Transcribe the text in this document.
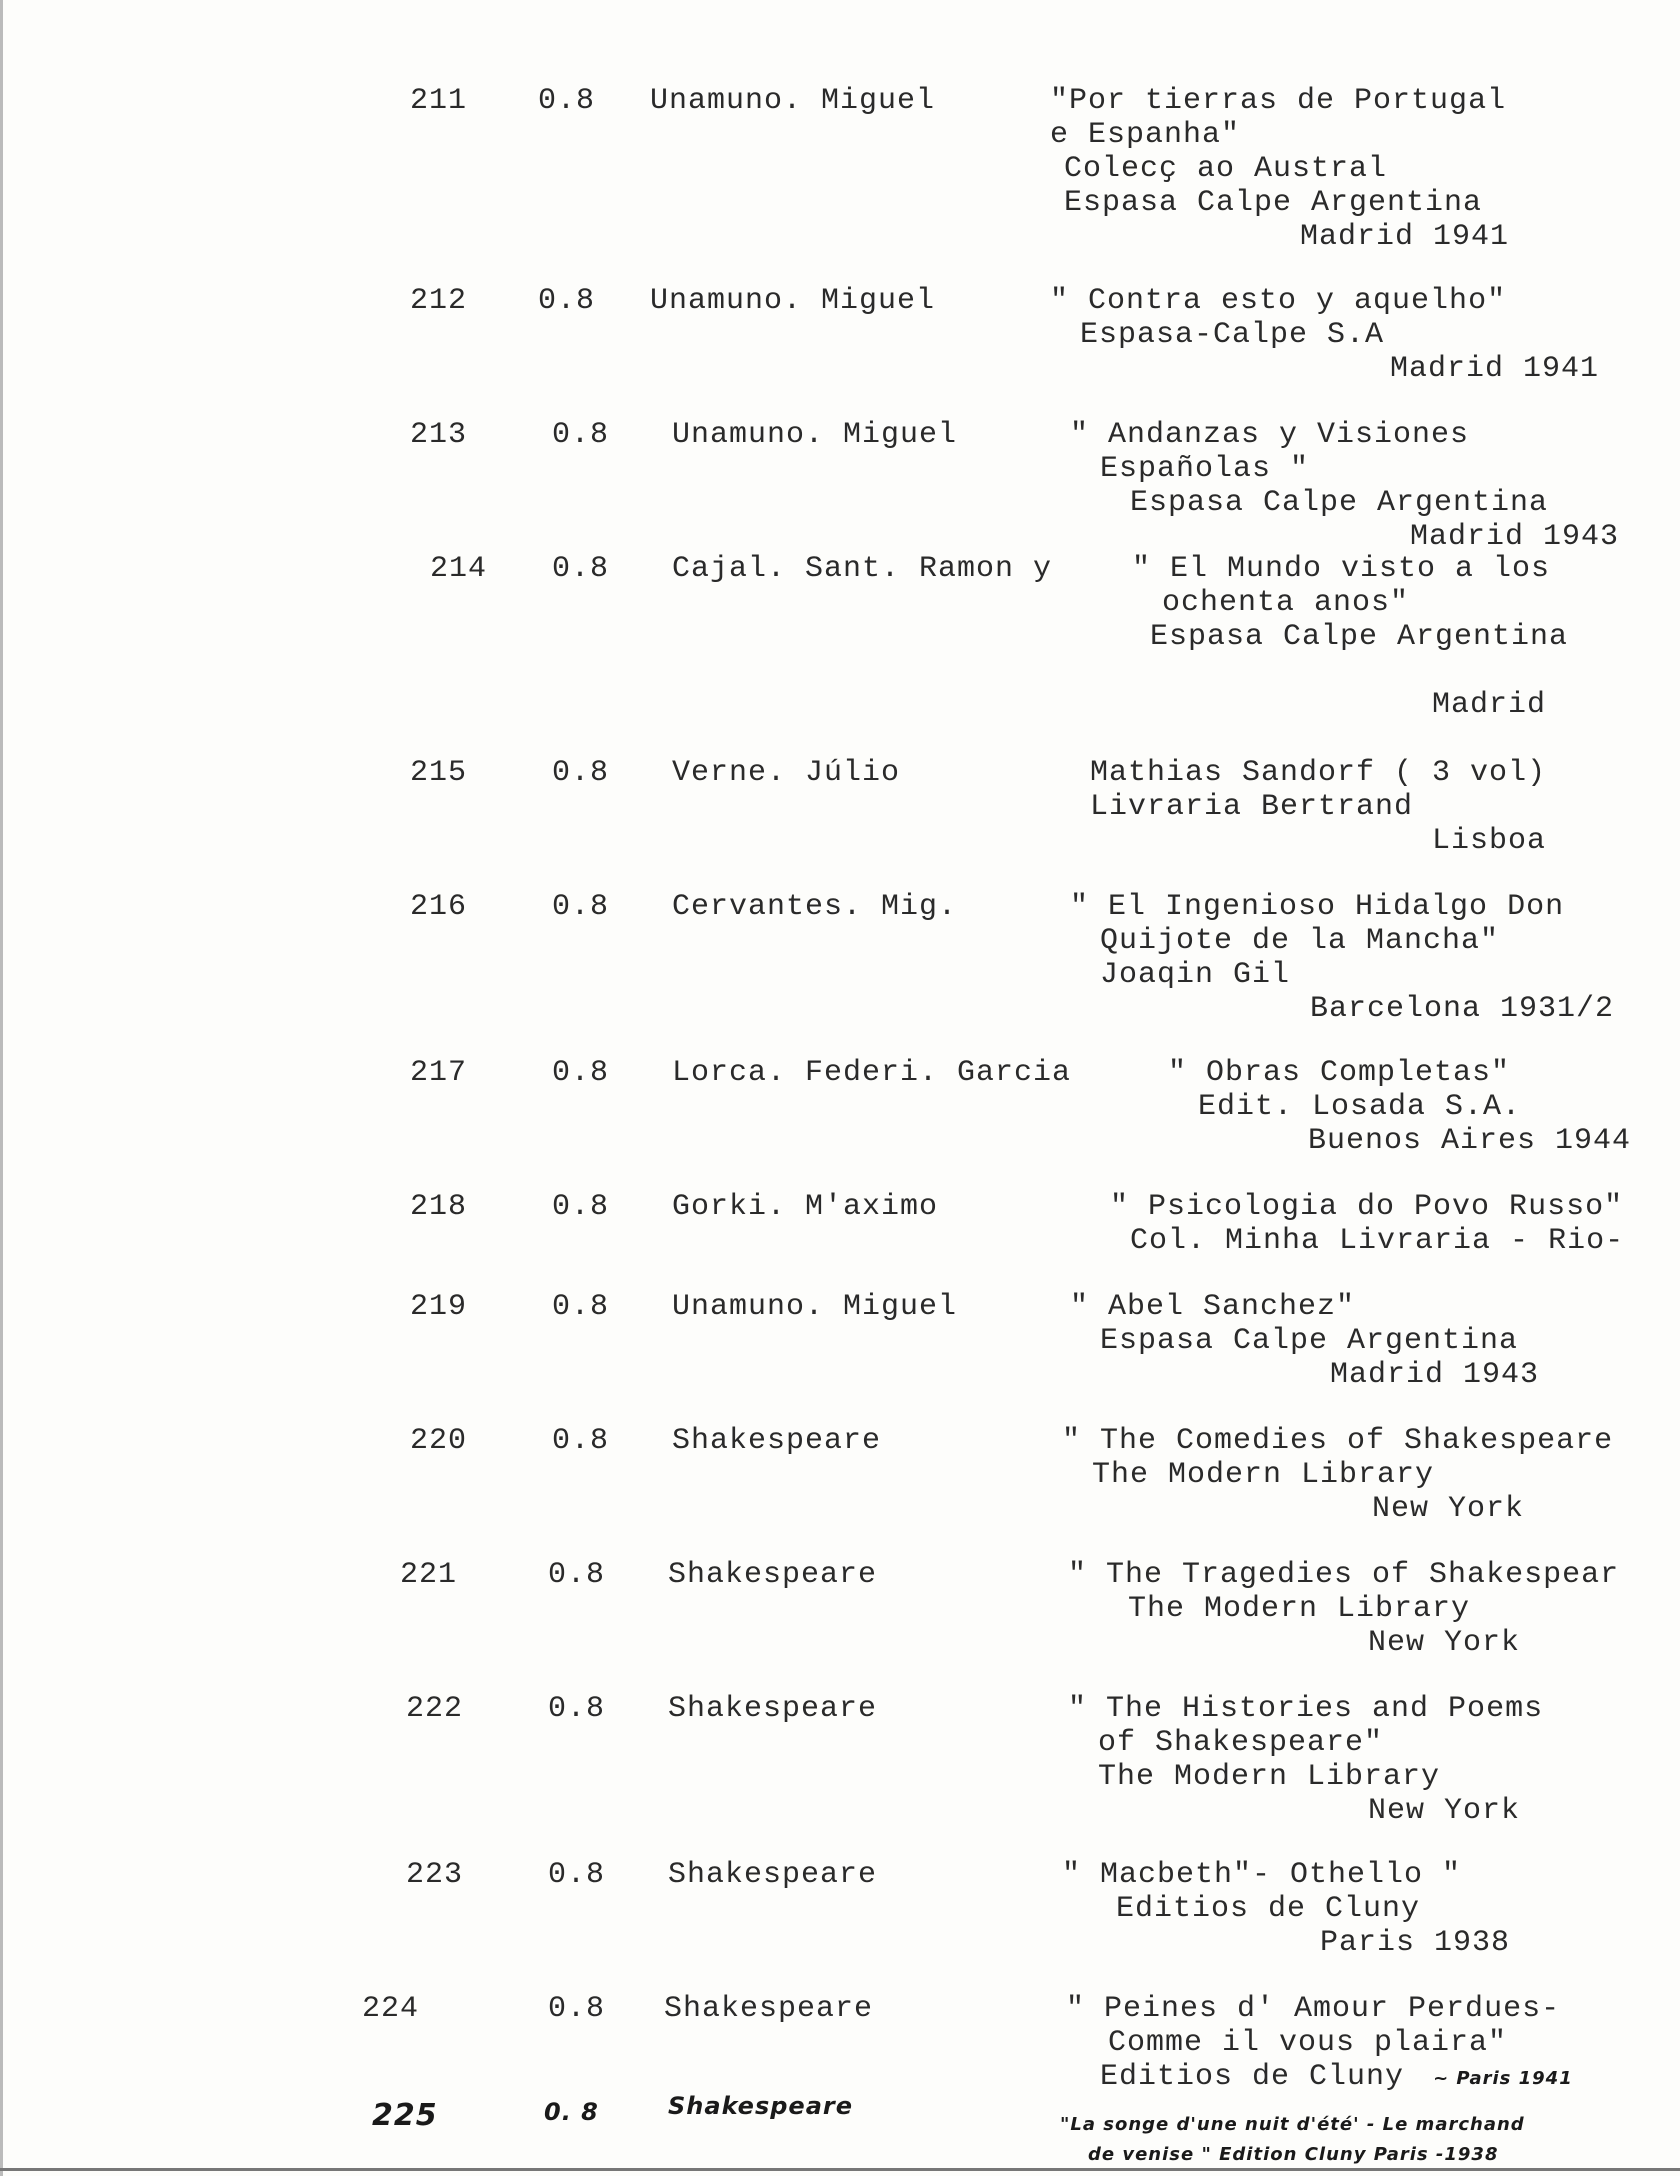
211 0.8 Unamuno. Miguel	"Por tierras de Portugal
e Espanha"
Colecҫ ao Austral
Espasa Calpe Argentina
Madrid 1941
212 0.8 Unamuno. Miguel	" Contra esto y aquelho"
Espasa-Calpe S.A
Madrid 1941
213	0.8 Unamuno. Miguel	" Andanzas y Visiones
Españolas "
Espasa Calpe Argentina
Madrid 1943
214 0.8 Cajal. Sant. Ramon y	" El Mundo visto a los
ochenta anos"
Espasa Calpe Argentina
Madrid
215	0.8 Verne. Júlio	Mathias Sandorf ( 3 vol)
Livraria Bertrand
Lisboa
216	0.8 Cervantes. Mig.	" El Ingenioso Hidalgo Don
Quijote de la Mancha"
Joaqin Gil
Barcelona 1931/2
217	0.8 Lorca. Federi. Garcia	" Obras Completas"
Edit. Losada S.A.
Buenos Aires 1944
218	0.8 Gorki. M'aximo	" Psicologia do Povo Russo"
Col. Minha Livraria - Rio-
219	0.8 Unamuno. Miguel	" Abel Sanchez"
Espasa Calpe Argentina
Madrid 1943
220	0.8 Shakespeare	" The Comedies of Shakespeare
The Modern Library
New York
221	0.8 Shakespeare	" The Tragedies of Shakespear
The Modern Library
New York
222	0.8 Shakespeare	" The Histories and Poems
of Shakespeare"
The Modern Library
New York
223	0.8 Shakespeare	" Macbeth"- Othello "
Editios de Cluny
Paris 1938
224	0.8 Shakespeare	" Peines d' Amour Perdues-
Comme il vous plaira"
Editios de Cluny ~ Paris 1941
225	0. 8	Shakespeare
"La songe d'une nuit d'été' - Le marchand
de venise " Edition Cluny Paris -1938
